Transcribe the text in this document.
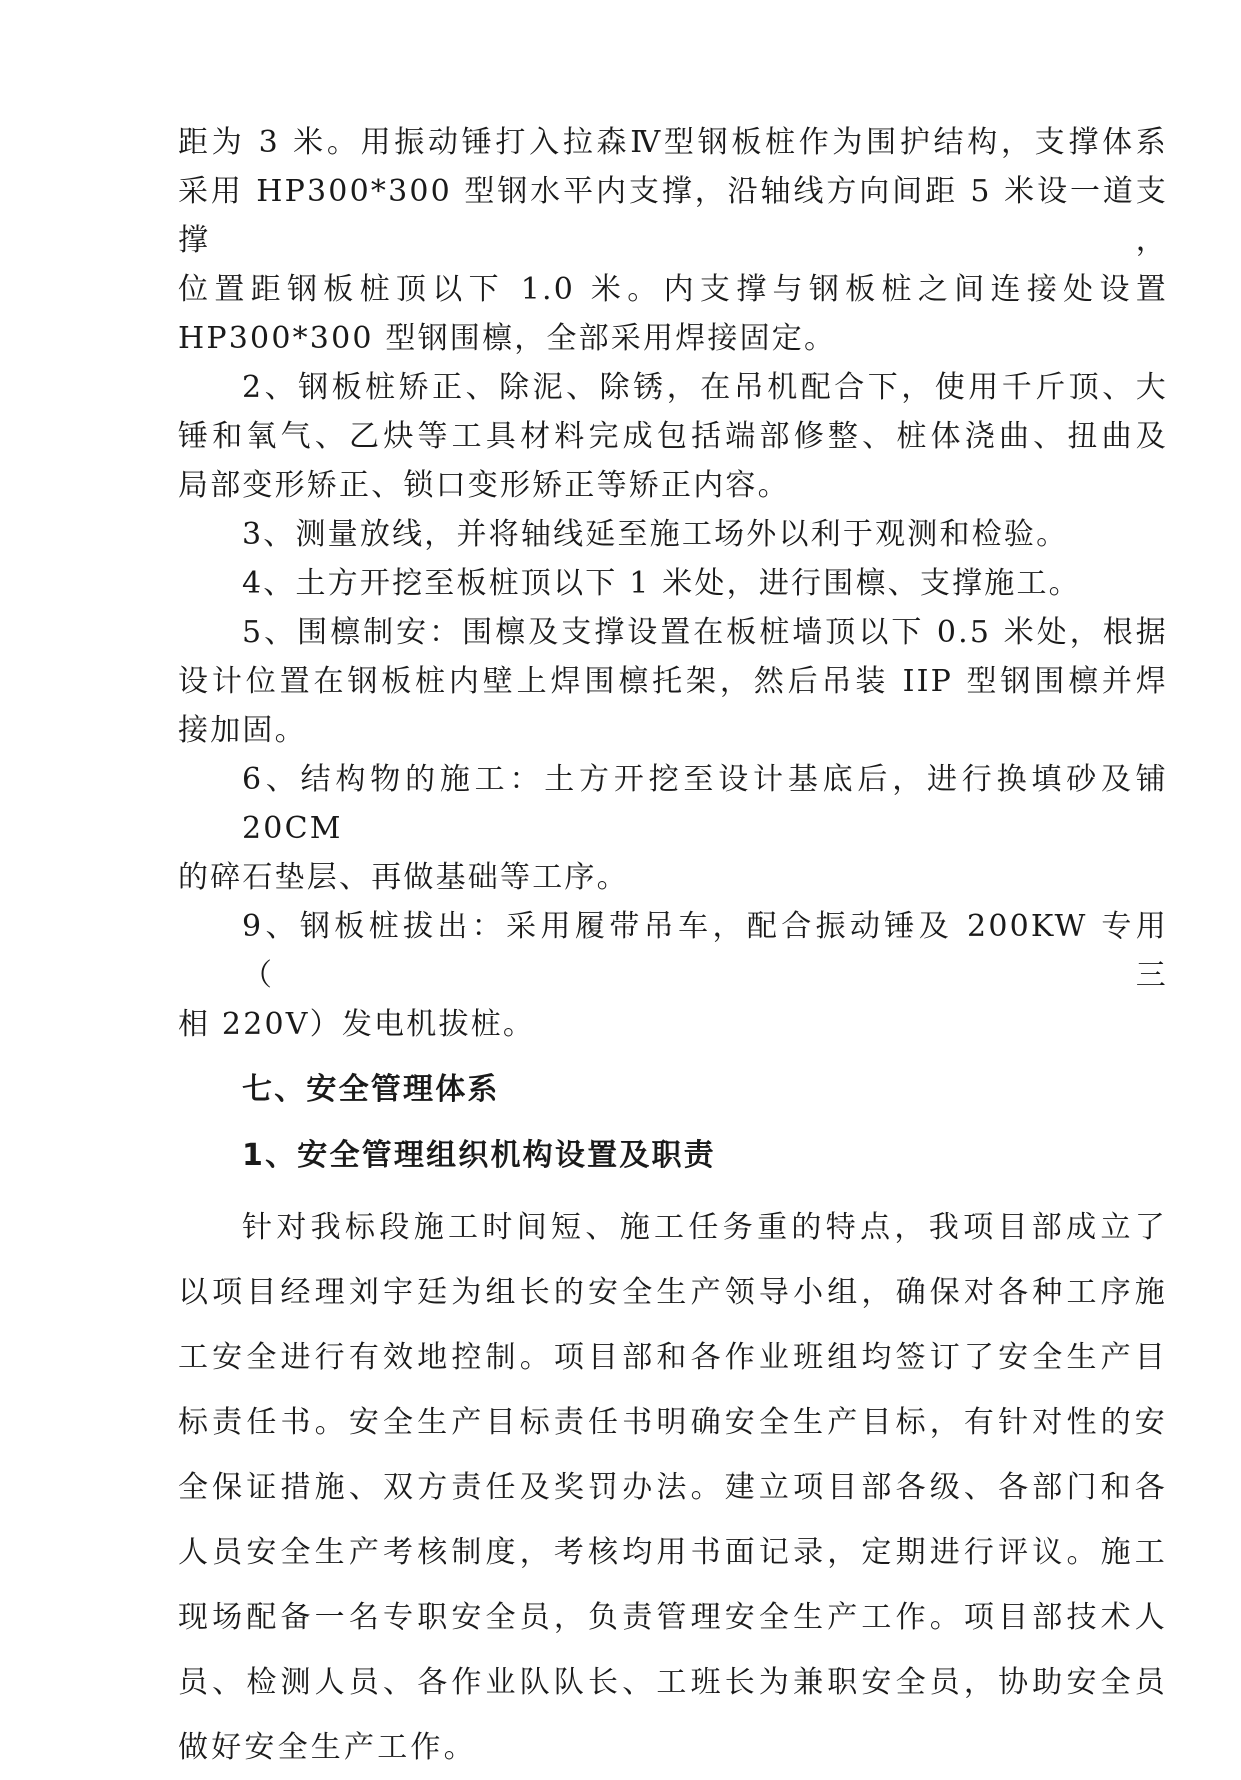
距为 3 米。用振动锤打入拉森Ⅳ型钢板桩作为围护结构，支撑体系
采用 HP300*300 型钢水平内支撑，沿轴线方向间距 5 米设一道支撑，
位置距钢板桩顶以下 1.0 米。内支撑与钢板桩之间连接处设置
HP300*300 型钢围檩，全部采用焊接固定。
2、钢板桩矫正、除泥、除锈，在吊机配合下，使用千斤顶、大
锤和氧气、乙炔等工具材料完成包括端部修整、桩体浇曲、扭曲及
局部变形矫正、锁口变形矫正等矫正内容。
3、测量放线，并将轴线延至施工场外以利于观测和检验。
4、土方开挖至板桩顶以下 1 米处，进行围檩、支撑施工。
5、围檩制安：围檩及支撑设置在板桩墙顶以下 0.5 米处，根据
设计位置在钢板桩内壁上焊围檩托架，然后吊装 IIP 型钢围檩并焊
接加固。
6、结构物的施工：土方开挖至设计基底后，进行换填砂及铺 20CM
的碎石垫层、再做基础等工序。
9、钢板桩拔出：采用履带吊车，配合振动锤及 200KW 专用（三
相 220V）发电机拔桩。
七、安全管理体系
1、安全管理组织机构设置及职责
针对我标段施工时间短、施工任务重的特点，我项目部成立了
以项目经理刘宇廷为组长的安全生产领导小组，确保对各种工序施
工安全进行有效地控制。项目部和各作业班组均签订了安全生产目
标责任书。安全生产目标责任书明确安全生产目标，有针对性的安
全保证措施、双方责任及奖罚办法。建立项目部各级、各部门和各
人员安全生产考核制度，考核均用书面记录，定期进行评议。施工
现场配备一名专职安全员，负责管理安全生产工作。项目部技术人
员、检测人员、各作业队队长、工班长为兼职安全员，协助安全员
做好安全生产工作。
